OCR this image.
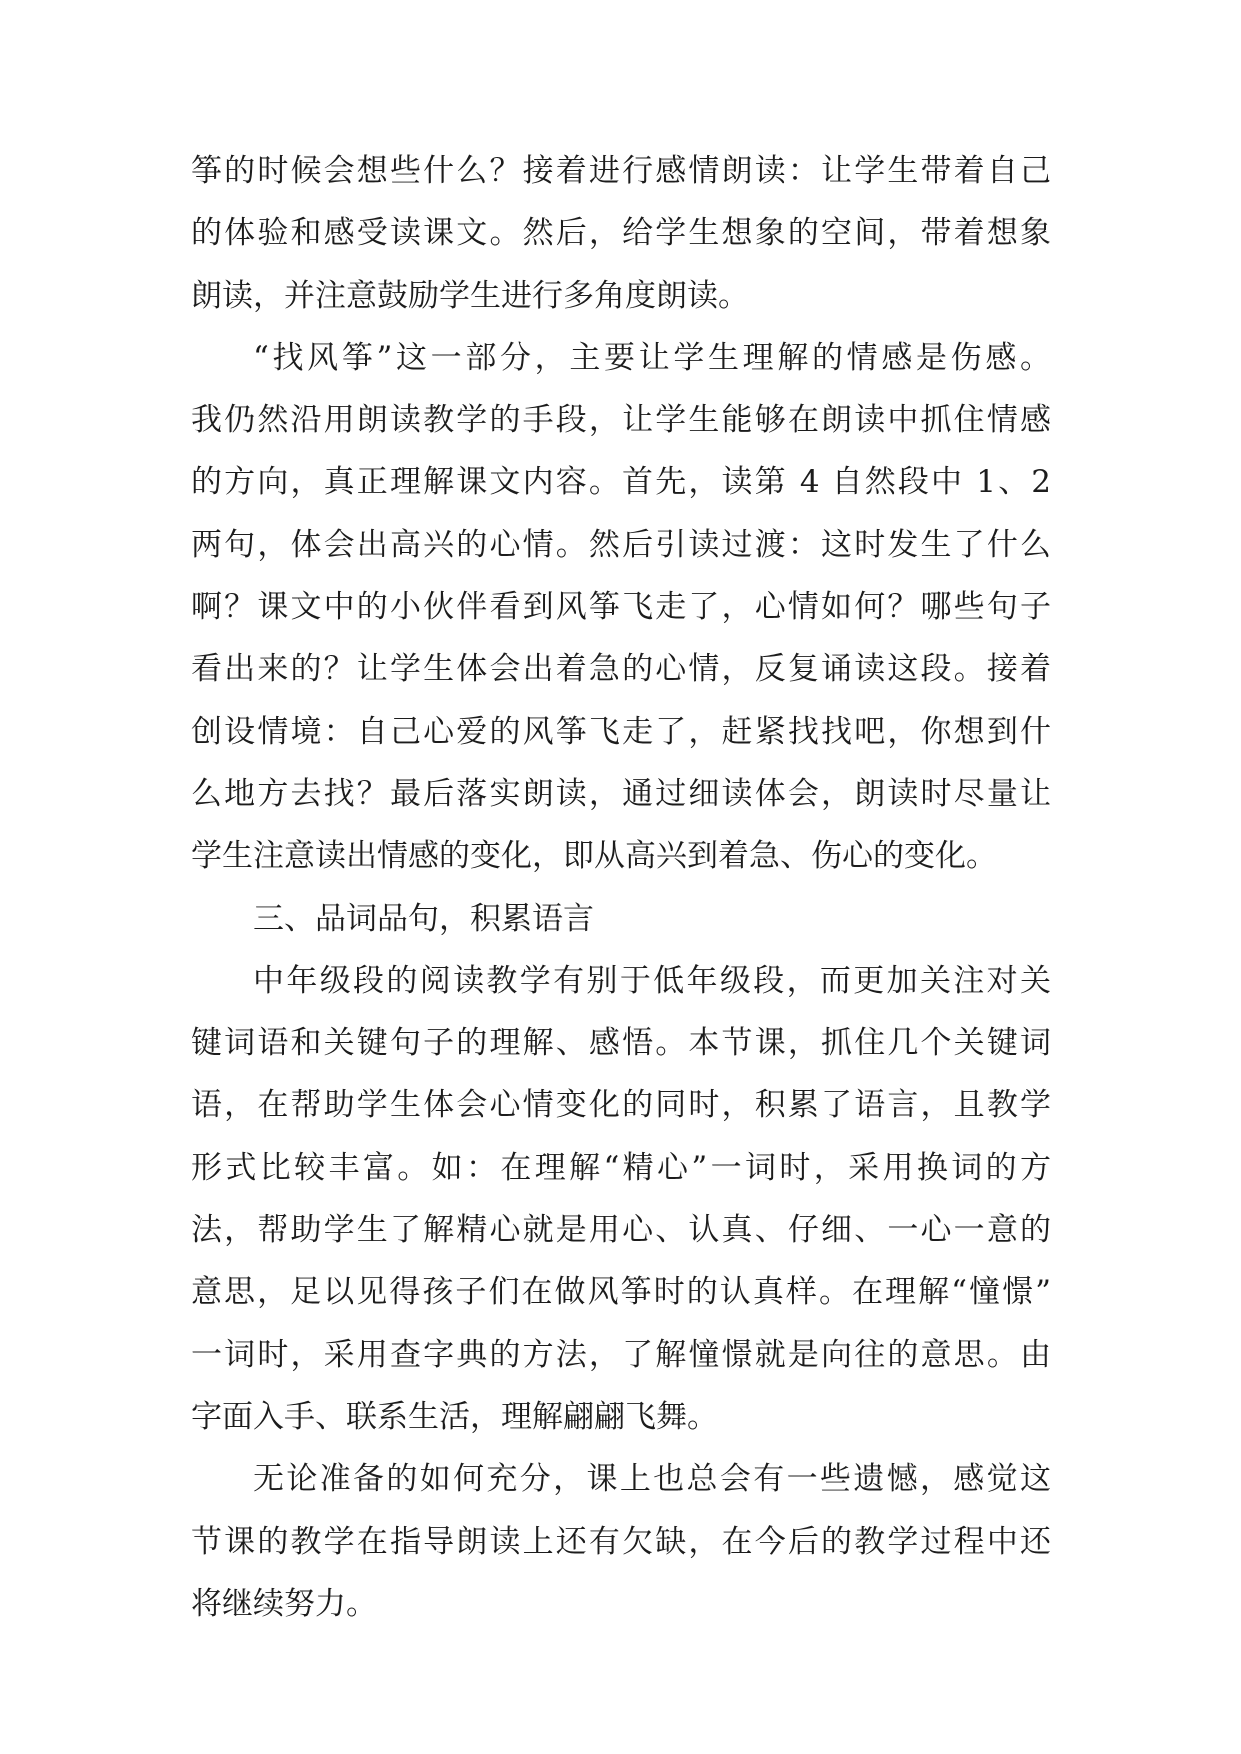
筝的时候会想些什么？接着进行感情朗读：让学生带着自己
的体验和感受读课文。然后，给学生想象的空间，带着想象
朗读，并注意鼓励学生进行多角度朗读。
“找风筝”这一部分，主要让学生理解的情感是伤感。
我仍然沿用朗读教学的手段，让学生能够在朗读中抓住情感
的方向，真正理解课文内容。首先，读第 4 自然段中 1、2
两句，体会出高兴的心情。然后引读过渡：这时发生了什么
啊？课文中的小伙伴看到风筝飞走了，心情如何？哪些句子
看出来的？让学生体会出着急的心情，反复诵读这段。接着
创设情境：自己心爱的风筝飞走了，赶紧找找吧，你想到什
么地方去找？最后落实朗读，通过细读体会，朗读时尽量让
学生注意读出情感的变化，即从高兴到着急、伤心的变化。
三、品词品句，积累语言
中年级段的阅读教学有别于低年级段，而更加关注对关
键词语和关键句子的理解、感悟。本节课，抓住几个关键词
语，在帮助学生体会心情变化的同时，积累了语言，且教学
形式比较丰富。如：在理解“精心”一词时，采用换词的方
法，帮助学生了解精心就是用心、认真、仔细、一心一意的
意思，足以见得孩子们在做风筝时的认真样。在理解“憧憬”
一词时，采用查字典的方法，了解憧憬就是向往的意思。由
字面入手、联系生活，理解翩翩飞舞。
无论准备的如何充分，课上也总会有一些遗憾，感觉这
节课的教学在指导朗读上还有欠缺，在今后的教学过程中还
将继续努力。
